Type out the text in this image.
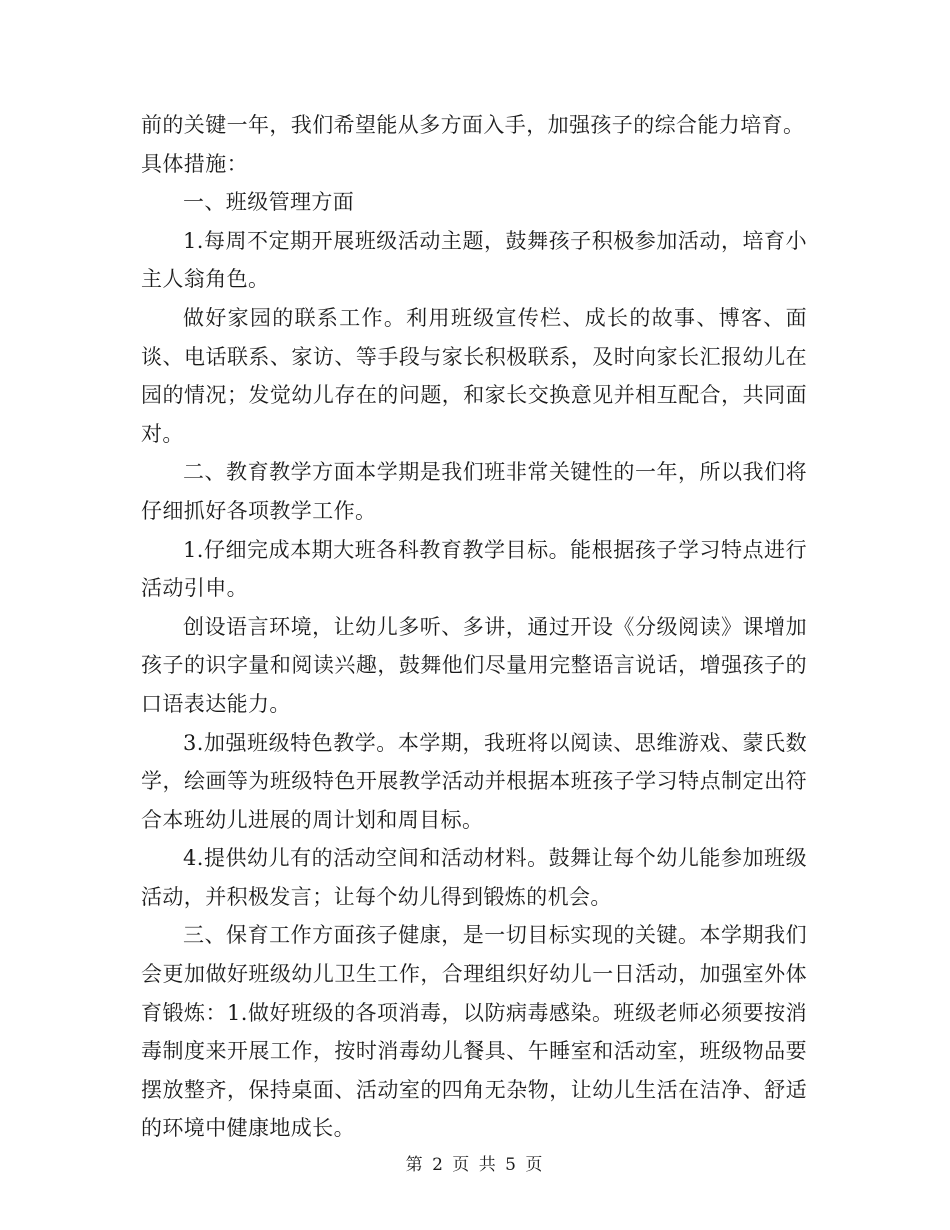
前的关键一年，我们希望能从多方面入手，加强孩子的综合能力培育。

具体措施：

一、班级管理方面

1.每周不定期开展班级活动主题，鼓舞孩子积极参加活动，培育小主人翁角色。

做好家园的联系工作。利用班级宣传栏、成长的故事、博客、面谈、电话联系、家访、等手段与家长积极联系，及时向家长汇报幼儿在园的情况；发觉幼儿存在的问题，和家长交换意见并相互配合，共同面对。

二、教育教学方面本学期是我们班非常关键性的一年，所以我们将仔细抓好各项教学工作。

1.仔细完成本期大班各科教育教学目标。能根据孩子学习特点进行活动引申。

创设语言环境，让幼儿多听、多讲，通过开设《分级阅读》课增加孩子的识字量和阅读兴趣，鼓舞他们尽量用完整语言说话，增强孩子的口语表达能力。

3.加强班级特色教学。本学期，我班将以阅读、思维游戏、蒙氏数学，绘画等为班级特色开展教学活动并根据本班孩子学习特点制定出符合本班幼儿进展的周计划和周目标。

4.提供幼儿有的活动空间和活动材料。鼓舞让每个幼儿能参加班级活动，并积极发言；让每个幼儿得到锻炼的机会。

三、保育工作方面孩子健康，是一切目标实现的关键。本学期我们会更加做好班级幼儿卫生工作，合理组织好幼儿一日活动，加强室外体育锻炼：1.做好班级的各项消毒，以防病毒感染。班级老师必须要按消毒制度来开展工作，按时消毒幼儿餐具、午睡室和活动室，班级物品要摆放整齐，保持桌面、活动室的四角无杂物，让幼儿生活在洁净、舒适的环境中健康地成长。

第 2 页 共 5 页
